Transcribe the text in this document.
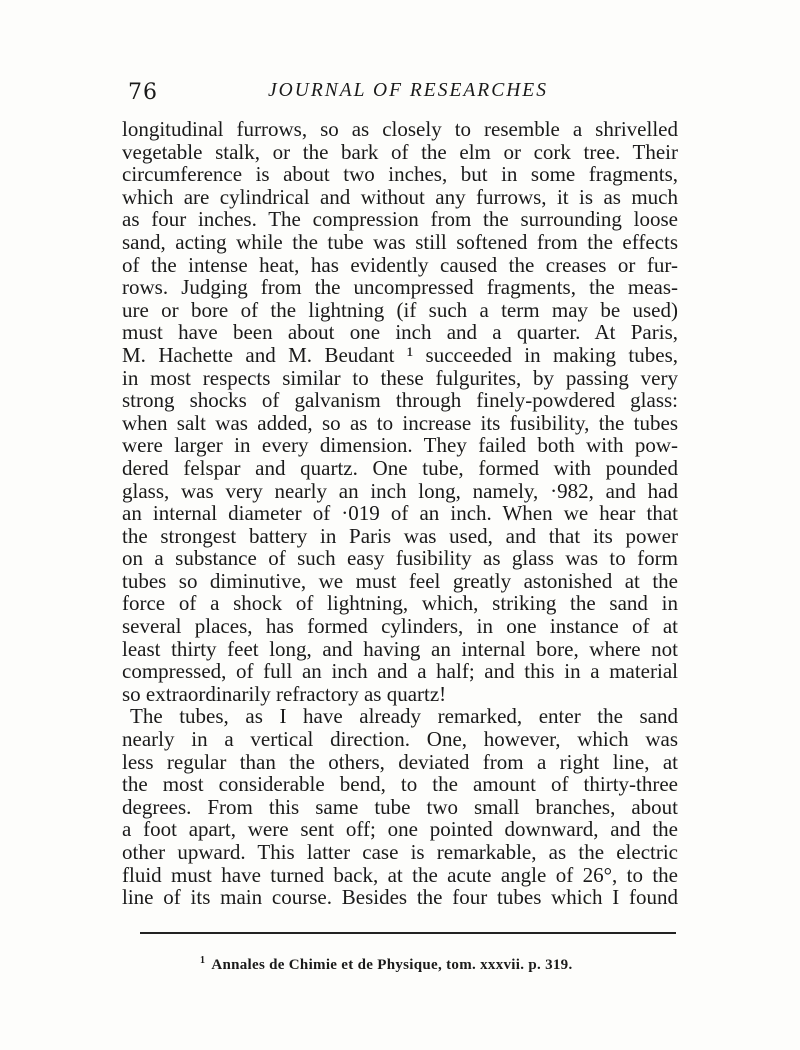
76	JOURNAL OF RESEARCHES
longitudinal furrows, so as closely to resemble a shrivelled
vegetable stalk, or the bark of the elm or cork tree. Their
circumference is about two inches, but in some fragments,
which are cylindrical and without any furrows, it is as much
as four inches. The compression from the surrounding loose
sand, acting while the tube was still softened from the effects
of the intense heat, has evidently caused the creases or fur-
rows. Judging from the uncompressed fragments, the meas-
ure or bore of the lightning (if such a term may be used)
must have been about one inch and a quarter. At Paris,
M. Hachette and M. Beudant ¹ succeeded in making tubes,
in most respects similar to these fulgurites, by passing very
strong shocks of galvanism through finely-powdered glass:
when salt was added, so as to increase its fusibility, the tubes
were larger in every dimension. They failed both with pow-
dered felspar and quartz. One tube, formed with pounded
glass, was very nearly an inch long, namely, ·982, and had
an internal diameter of ·019 of an inch. When we hear that
the strongest battery in Paris was used, and that its power
on a substance of such easy fusibility as glass was to form
tubes so diminutive, we must feel greatly astonished at the
force of a shock of lightning, which, striking the sand in
several places, has formed cylinders, in one instance of at
least thirty feet long, and having an internal bore, where not
compressed, of full an inch and a half; and this in a material
so extraordinarily refractory as quartz!
The tubes, as I have already remarked, enter the sand
nearly in a vertical direction. One, however, which was
less regular than the others, deviated from a right line, at
the most considerable bend, to the amount of thirty-three
degrees. From this same tube two small branches, about
a foot apart, were sent off; one pointed downward, and the
other upward. This latter case is remarkable, as the electric
fluid must have turned back, at the acute angle of 26°, to the
line of its main course. Besides the four tubes which I found
$^1$ Annales de Chimie et de Physique, tom. xxxvii. p. 319.
